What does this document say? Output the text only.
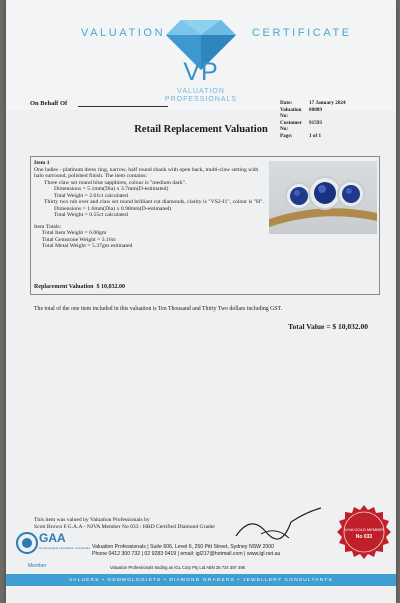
VALUATION	CERTIFICATE
VP
VALUATION
PROFESSIONALS
On Behalf Of	Date:	17 January 2024
Valuation No:
80089
Customer No:
91593
Page:	1 of 1
Retail Replacement Valuation
Item 1
One ladies - platinum dress ring, narrow, half round shank with open back, multi-claw setting with halo surround, polished finish. The item contains:
Three claw set round blue sapphires, colour is "medium dark".
Dimensions = 5.1mm(Dia) x 3.7mm(D-estimated)
Total Weight = 2.61ct calculated
Thirty two rub over and claw set round brilliant cut diamonds, clarity is "VS2-I1", colour is "H".
Dimensions = 1.6mm(Dia) x 0.98mm(D-estimated)
Total Weight = 0.55ct calculated
Item Totals:
Total Item Weight = 6.00gm
Total Gemstone Weight = 3.16ct
Total Metal Weight = 5.37gm estimated
Replacement Valuation $ 10,032.00
The total of the one item included in this valuation is Ten Thousand and Thirty Two dollars including GST.
Total Value = $ 10,032.00
This item was valued by Valuation Professionals by
Scott Brown F.G.A.A - NJVA Member No 033 : HRD Certified Diamond Grader
GAA
Gemmological Association of Australia
Member
Valuation Professionals | Suite 606, Level 6, 250 Pitt Street, Sydney NSW 2000
Phone 0412 300 732 | 02 9283 0419 | email: igl217@hotmail.com | www.igl.net.au
Valuation Professionals trading as IGL Corp Pty Ltd ABN 25 734 397 496
NJVA GOLD MEMBER
No 033
VALUERS • GEMMOLOGISTS • DIAMOND GRADERS • JEWELLERY CONSULTANTS
